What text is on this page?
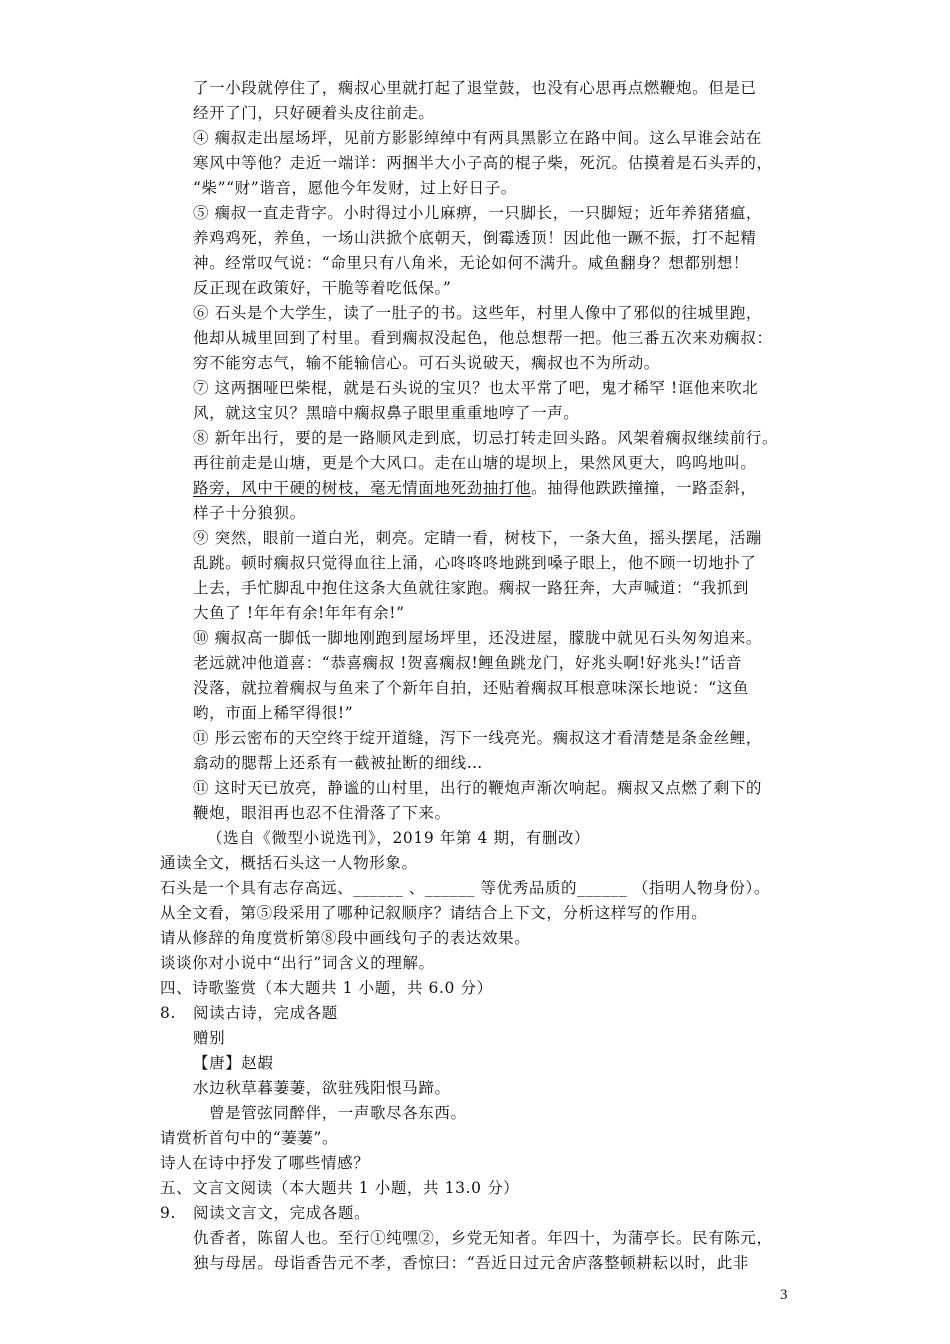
了一小段就停住了，瘸叔心里就打起了退堂鼓，也没有心思再点燃鞭炮。但是已
经开了门，只好硬着头皮往前走。
④ 瘸叔走出屋场坪，见前方影影绰绰中有两具黑影立在路中间。这么早谁会站在
寒风中等他？走近一端详：两捆半大小子高的棍子柴，死沉。估摸着是石头弄的，
“柴”“财”谐音，愿他今年发财，过上好日子。
⑤ 瘸叔一直走背字。小时得过小儿麻痹，一只脚长，一只脚短；近年养猪猪瘟，
养鸡鸡死，养鱼，一场山洪掀个底朝天，倒霉透顶！因此他一蹶不振，打不起精
神。经常叹气说：“命里只有八角米，无论如何不满升。咸鱼翻身？想都别想！
反正现在政策好，干脆等着吃低保。”
⑥ 石头是个大学生，读了一肚子的书。这些年，村里人像中了邪似的往城里跑，
他却从城里回到了村里。看到瘸叔没起色，他总想帮一把。他三番五次来劝瘸叔：
穷不能穷志气，输不能输信心。可石头说破天，瘸叔也不为所动。
⑦ 这两捆哑巴柴棍，就是石头说的宝贝？也太平常了吧，鬼才稀罕 !诓他来吹北
风，就这宝贝？黑暗中瘸叔鼻子眼里重重地哼了一声。
⑧ 新年出行，要的是一路顺风走到底，切忌打转走回头路。风架着瘸叔继续前行。
再往前走是山塘，更是个大风口。走在山塘的堤坝上，果然风更大，呜呜地叫。
路旁，风中干硬的树枝，毫无情面地死劲抽打他。抽得他跌跌撞撞，一路歪斜，
样子十分狼狈。
⑨ 突然，眼前一道白光，刺亮。定睛一看，树枝下，一条大鱼，摇头摆尾，活蹦
乱跳。顿时瘸叔只觉得血往上涌，心咚咚咚地跳到嗓子眼上，他不顾一切地扑了
上去，手忙脚乱中抱住这条大鱼就往家跑。瘸叔一路狂奔，大声喊道：“我抓到
大鱼了 !年年有余!年年有余!”
⑩ 瘸叔高一脚低一脚地刚跑到屋场坪里，还没进屋，朦胧中就见石头匆匆追来。
老远就冲他道喜：“恭喜瘸叔 !贺喜瘸叔!鲤鱼跳龙门，好兆头啊!好兆头!”话音
没落，就拉着瘸叔与鱼来了个新年自拍，还贴着瘸叔耳根意味深长地说：“这鱼
哟，市面上稀罕得很!”
⑪ 彤云密布的天空终于绽开道缝，泻下一线亮光。瘸叔这才看清楚是条金丝鲤，
翕动的腮帮上还系有一截被扯断的细线…
⑪ 这时天已放亮，静谧的山村里，出行的鞭炮声渐次响起。瘸叔又点燃了剩下的
鞭炮，眼泪再也忍不住滑落了下来。
（选自《微型小说选刊》，2019 年第 4 期，有删改）
通读全文，概括石头这一人物形象。
石头是一个具有志存高远、______ 、______ 等优秀品质的______ （指明人物身份）。
从全文看，第⑤段采用了哪种记叙顺序？请结合上下文，分析这样写的作用。
请从修辞的角度赏析第⑧段中画线句子的表达效果。
谈谈你对小说中“出行”词含义的理解。
四、诗歌鉴赏（本大题共 1 小题，共 6.0 分）
8. 阅读古诗，完成各题
赠别
【唐】赵嘏
水边秋草暮萋萋，欲驻残阳恨马蹄。
曾是管弦同醉伴，一声歌尽各东西。
请赏析首句中的“萋萋”。
诗人在诗中抒发了哪些情感？
五、文言文阅读（本大题共 1 小题，共 13.0 分）
9. 阅读文言文，完成各题。
仇香者，陈留人也。至行①纯嘿②，乡党无知者。年四十，为蒲亭长。民有陈元，
独与母居。母诣香告元不孝，香惊曰：“吾近日过元舍庐落整顿耕耘以时，此非
3
